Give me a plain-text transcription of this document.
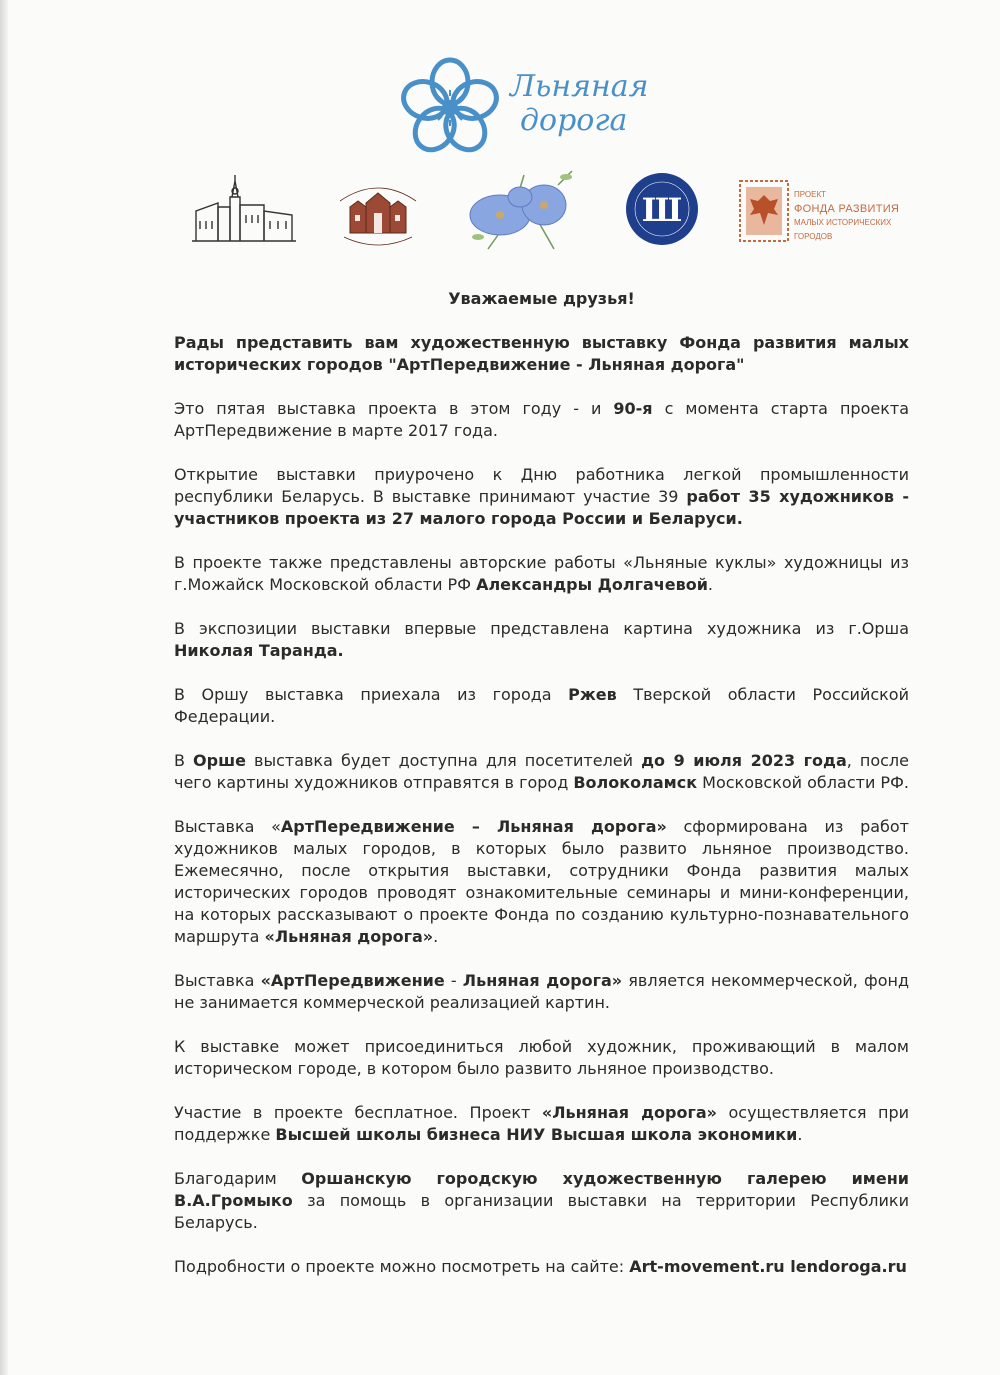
Льняная
дорога
Ш	ПРОЕКТ
ФОНДА РАЗВИТИЯ
МАЛЫХ ИСТОРИЧЕСКИХ
ГОРОДОВ
Уважаемые друзья!

Рады представить вам художественную выставку Фонда развития малых исторических городов "АртПередвижение - Льняная дорога"

Это пятая выставка проекта в этом году - и 90-я с момента старта проекта АртПередвижение в марте 2017 года.

Открытие выставки приурочено к Дню работника легкой промышленности республики Беларусь. В выставке принимают участие 39 работ 35 художников - участников проекта из 27 малого города России и Беларуси.

В проекте также представлены авторские работы «Льняные куклы» художницы из г.Можайск Московской области РФ Александры Долгачевой.

В экспозиции выставки впервые представлена картина художника из г.Орша Николая Таранда.

В Оршу выставка приехала из города Ржев Тверской области Российской Федерации.

В Орше выставка будет доступна для посетителей до 9 июля 2023 года, после чего картины художников отправятся в город Волоколамск Московской области РФ.

Выставка «АртПередвижение – Льняная дорога» сформирована из работ художников малых городов, в которых было развито льняное производство. Ежемесячно, после открытия выставки, сотрудники Фонда развития малых исторических городов проводят ознакомительные семинары и мини-конференции, на которых рассказывают о проекте Фонда по созданию культурно-познавательного маршрута «Льняная дорога».

Выставка «АртПередвижение - Льняная дорога» является некоммерческой, фонд не занимается коммерческой реализацией картин.

К выставке может присоединиться любой художник, проживающий в малом историческом городе, в котором было развито льняное производство.

Участие в проекте бесплатное. Проект «Льняная дорога» осуществляется при поддержке Высшей школы бизнеса НИУ Высшая школа экономики.

Благодарим Оршанскую городскую художественную галерею имени В.А.Громыко за помощь в организации выставки на территории Республики Беларусь.

Подробности о проекте можно посмотреть на сайте: Art-movement.ru lendoroga.ru
